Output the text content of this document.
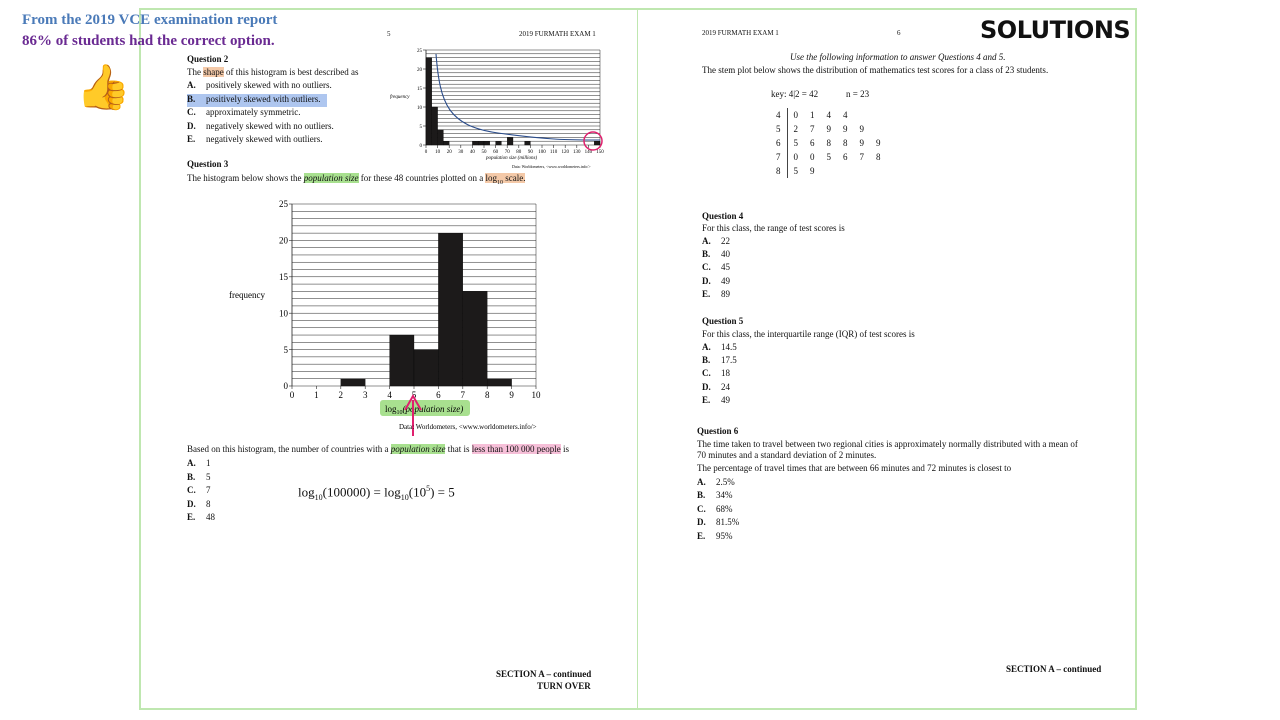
From the 2019 VCE examination report
86% of students had the correct option.
👍
SOLUTIONS
5	2019 FURMATH EXAM 1
Question 2
The shape of this histogram is best described as
A. positively skewed with no outliers.
B. positively skewed with outliers.
C. approximately symmetric.
D. negatively skewed with no outliers.
E. negatively skewed with outliers.
0
5
10
15
20
25
0 10 20 30 40 50 60 70 80 90 100 110 120 130 140 150
frequency
population size (millions)
Data: Worldometers, <www.worldometers.info/>
Question 3
The histogram below shows the population size for these 48 countries plotted on a $\log_{10}$ scale.
0
5
10
15
20
25
0 1 2 3 4 5 6 7 8 9 10
frequency
$\log_{10}(population$ size)
Data: Worldometers, <www.worldometers.info/>
Based on this histogram, the number of countries with a population size that is less than 100 000 people is
A. 1
B. 5
C. 7
D. 8
E. 48
$\log_{10}(100000) = \log_{10}(10^5) = 5$
SECTION A – continued
TURN OVER
2019 FURMATH EXAM 1	6
Use the following information to answer Questions 4 and 5.
The stem plot below shows the distribution of mathematics test scores for a class of 23 students.
key: 4|2 = 42	n = 23
4	0	1	4	4		
5	2	7	9	9	9	
6	5	6	8	8	9	9
7	0	0	5	6	7	8
8	5	9				
Question 4
For this class, the range of test scores is
A. 22
B. 40
C. 45
D. 49
E. 89
Question 5
For this class, the interquartile range (IQR) of test scores is
A. 14.5
B. 17.5
C. 18
D. 24
E. 49
Question 6
The time taken to travel between two regional cities is approximately normally distributed with a mean of
70 minutes and a standard deviation of 2 minutes.
The percentage of travel times that are between 66 minutes and 72 minutes is closest to
A. 2.5%
B. 34%
C. 68%
D. 81.5%
E. 95%
SECTION A – continued
